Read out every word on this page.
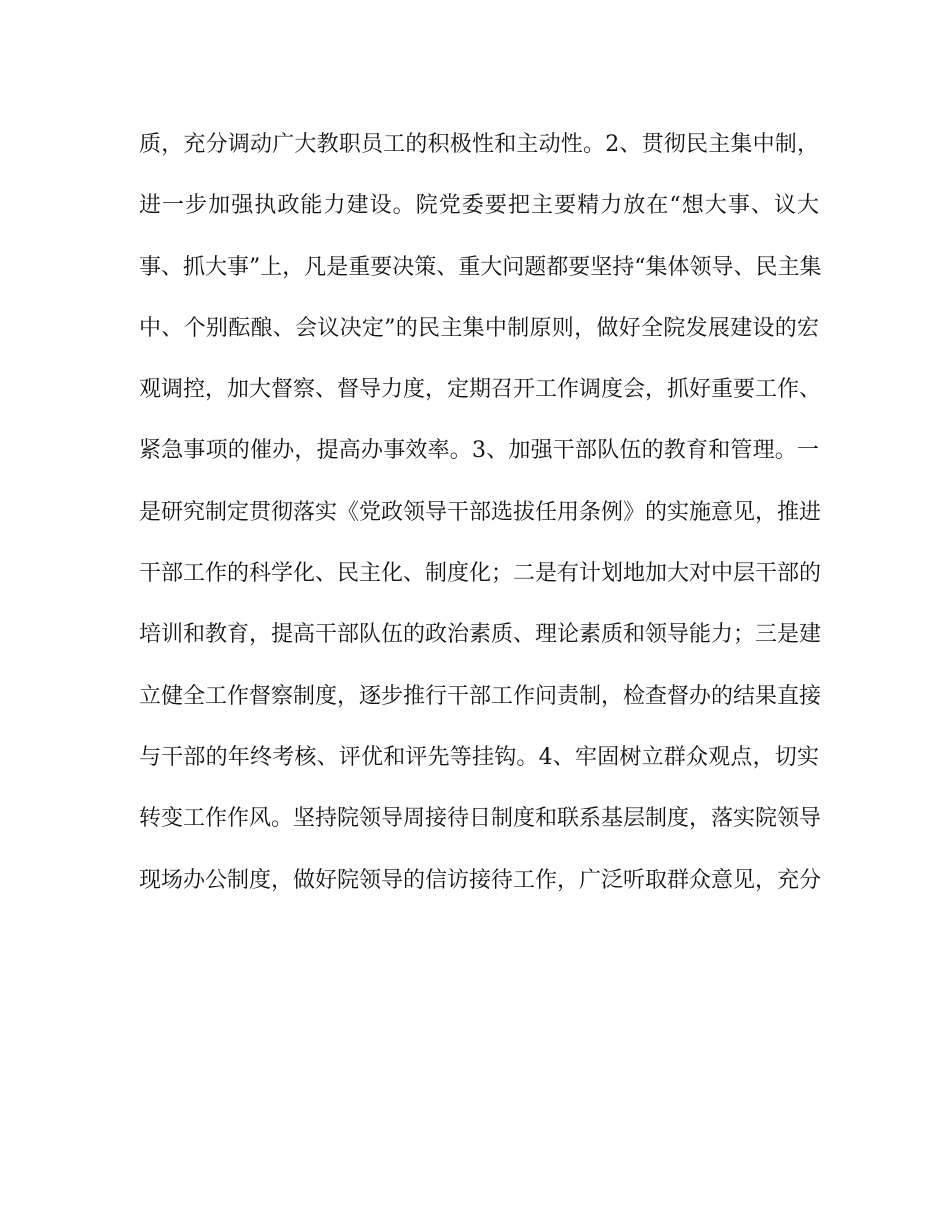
质，充分调动广大教职员工的积极性和主动性。2、贯彻民主集中制，
进一步加强执政能力建设。院党委要把主要精力放在“想大事、议大
事、抓大事”上，凡是重要决策、重大问题都要坚持“集体领导、民主集
中、个别酝酿、会议决定”的民主集中制原则，做好全院发展建设的宏
观调控，加大督察、督导力度，定期召开工作调度会，抓好重要工作、
紧急事项的催办，提高办事效率。3、加强干部队伍的教育和管理。一
是研究制定贯彻落实《党政领导干部选拔任用条例》的实施意见，推进
干部工作的科学化、民主化、制度化；二是有计划地加大对中层干部的
培训和教育，提高干部队伍的政治素质、理论素质和领导能力；三是建
立健全工作督察制度，逐步推行干部工作问责制，检查督办的结果直接
与干部的年终考核、评优和评先等挂钩。4、牢固树立群众观点，切实
转变工作作风。坚持院领导周接待日制度和联系基层制度，落实院领导
现场办公制度，做好院领导的信访接待工作，广泛听取群众意见，充分
